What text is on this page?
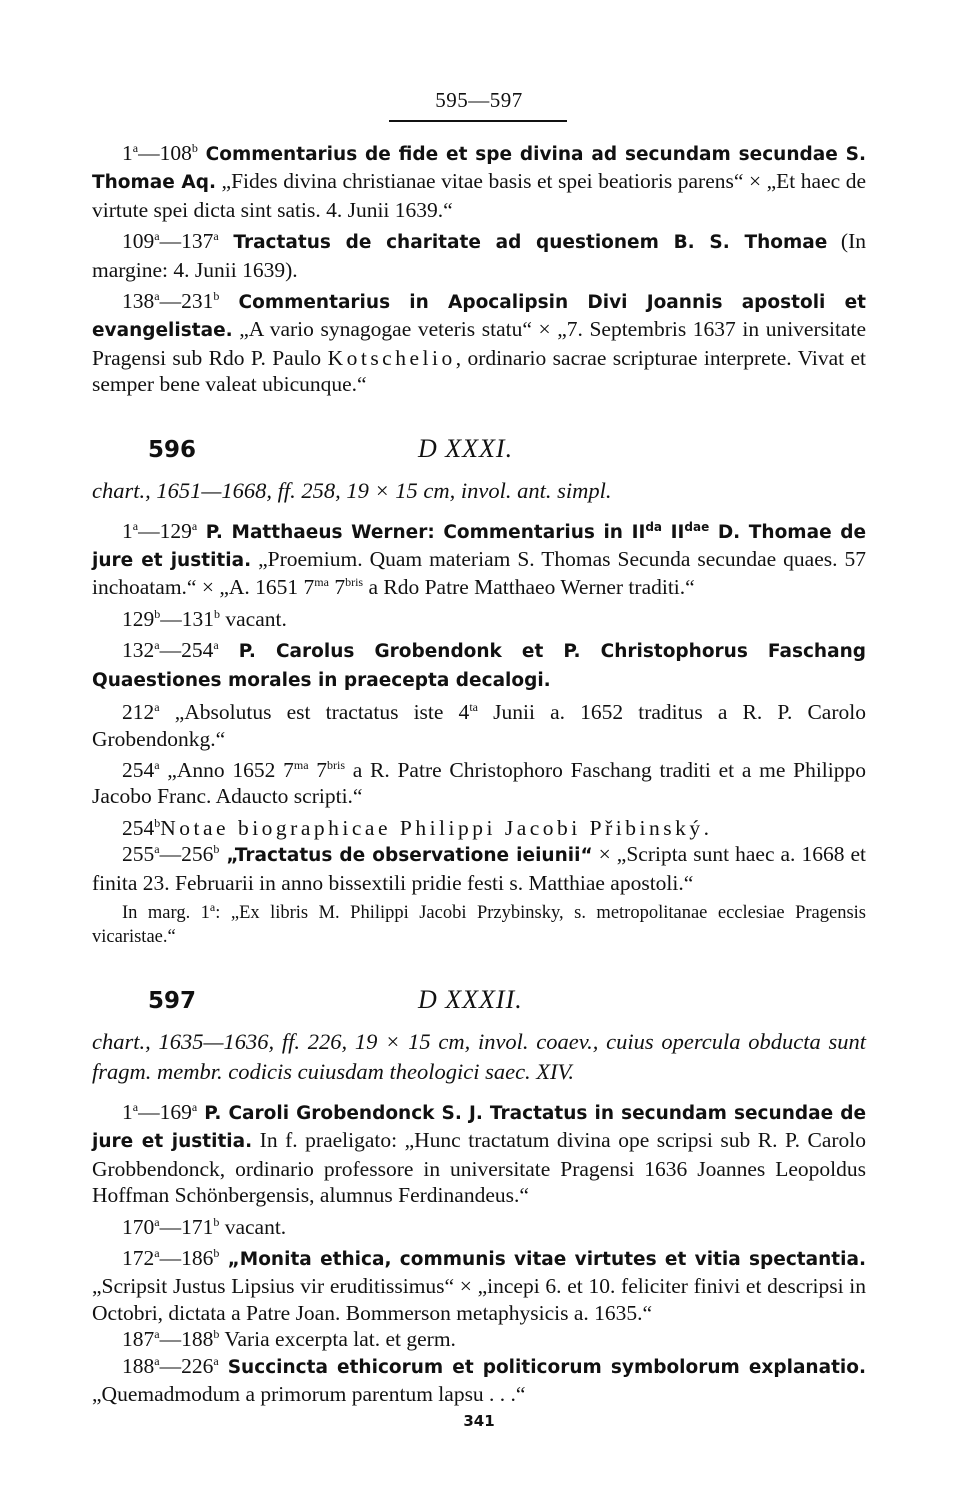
595—597

1$^a$—108$^b$ Commentarius de fide et spe divina ad secundam secundae S. Thomae Aq. „Fides divina christianae vitae basis et spei beatioris parens“ × „Et haec de virtute spei dicta sint satis. 4. Junii 1639.“

109$^a$—137$^a$ Tractatus de charitate ad questionem B. S. Thomae (In margine: 4. Junii 1639).

138$^a$—231$^b$ Commentarius in Apocalipsin Divi Joannis apostoli et evangelistae. „A vario synagogae veteris statu“ × „7. Septembris 1637 in universitate Pragensi sub Rdo P. Paulo Kotschelio, ordinario sacrae scripturae interprete. Vivat et semper bene valeat ubicunque.“

596	D XXXI.

chart., 1651—1668, ff. 258, 19 × 15 cm, invol. ant. simpl.

1$^a$—129$^a$ P. Matthaeus Werner: Commentarius in $II^{da}$ $II^{dae}$ D. Thomae de jure et justitia. „Proemium. Quam materiam S. Thomas Secunda secundae quaes. 57 inchoatam.“ × „A. 1651 $7^{ma}$ $7^{bris}$ a Rdo Patre Matthaeo Werner traditi.“

129$^b$—131$^b$ vacant.

132$^a$—254$^a$ P. Carolus Grobendonk et P. Christophorus Faschang Quaestiones morales in praecepta decalogi.

212$^a$ „Absolutus est tractatus iste $4^{ta}$ Junii a. 1652 traditus a R. P. Carolo Grobendonkg.“

254$^a$ „Anno 1652 $7^{ma}$ $7^{bris}$ a R. Patre Christophoro Faschang traditi et a me Philippo Jacobo Franc. Adaucto scripti.“

254$^b$Notae biographicae Philippi Jacobi Přibinský.

255$^a$—256$^b$ „Tractatus de observatione ieiunii“ × „Scripta sunt haec a. 1668 et finita 23. Februarii in anno bissextili pridie festi s. Matthiae apostoli.“

In marg. 1$^a$: „Ex libris M. Philippi Jacobi Przybinsky, s. metropolitanae ecclesiae Pragensis vicaristae.“

597	D XXXII.

chart., 1635—1636, ff. 226, 19 × 15 cm, invol. coaev., cuius opercula obducta sunt fragm. membr. codicis cuiusdam theologici saec. XIV.

1$^a$—169$^a$ P. Caroli Grobendonck S. J. Tractatus in secundam secundae de jure et justitia. In f. praeligato: „Hunc tractatum divina ope scripsi sub R. P. Carolo Grobbendonck, ordinario professore in universitate Pragensi 1636 Joannes Leopoldus Hoffman Schönbergensis, alumnus Ferdinandeus.“

170$^a$—171$^b$ vacant.

172$^a$—186$^b$ „Monita ethica, communis vitae virtutes et vitia spectantia. „Scripsit Justus Lipsius vir eruditissimus“ × „incepi 6. et 10. feliciter finivi et descripsi in Octobri, dictata a Patre Joan. Bommerson metaphysicis a. 1635.“

187$^a$—188$^b$ Varia excerpta lat. et germ.

188$^a$—226$^a$ Succincta ethicorum et politicorum symbolorum explanatio. „Quemadmodum a primorum parentum lapsu . . .“

341
